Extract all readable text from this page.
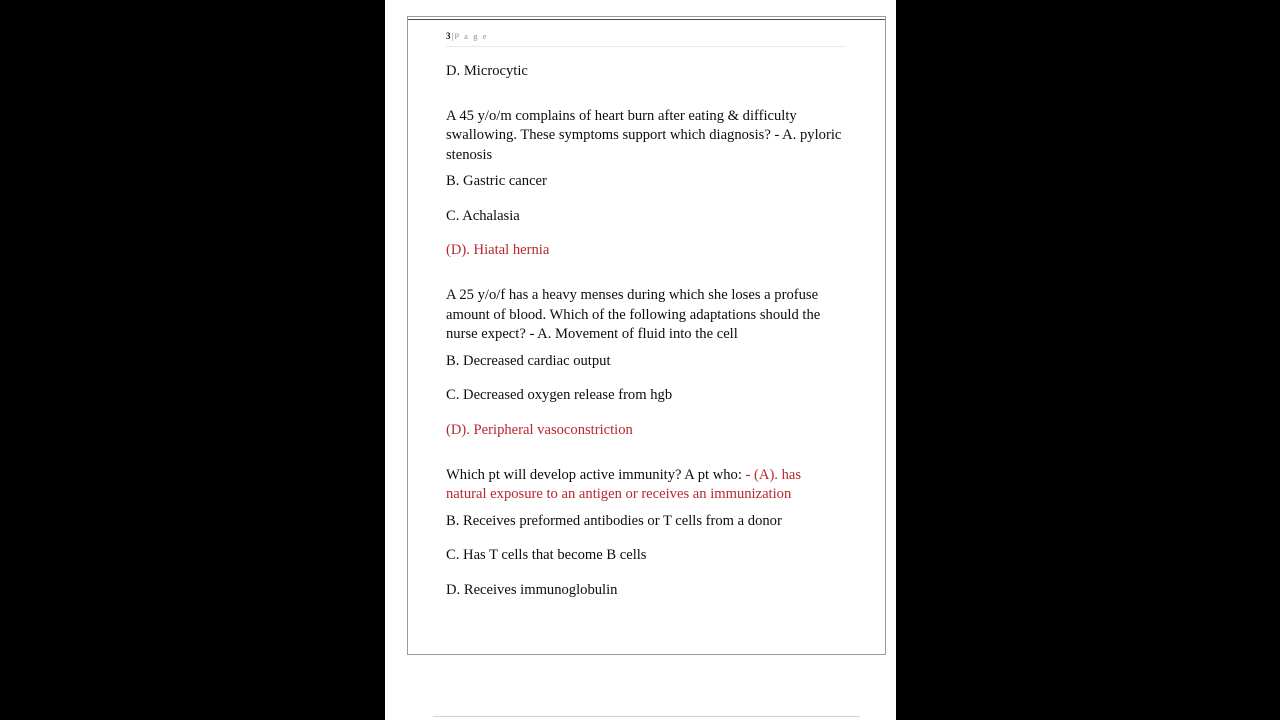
3|P a g e

D. Microcytic

A 45 y/o/m complains of heart burn after eating & difficulty swallowing. These symptoms support which diagnosis? - A. pyloric stenosis

B. Gastric cancer

C. Achalasia

(D). Hiatal hernia

A 25 y/o/f has a heavy menses during which she loses a profuse amount of blood. Which of the following adaptations should the nurse expect? - A. Movement of fluid into the cell

B. Decreased cardiac output

C. Decreased oxygen release from hgb

(D). Peripheral vasoconstriction

Which pt will develop active immunity? A pt who: - (A). has natural exposure to an antigen or receives an immunization

B. Receives preformed antibodies or T cells from a donor

C. Has T cells that become B cells

D. Receives immunoglobulin
